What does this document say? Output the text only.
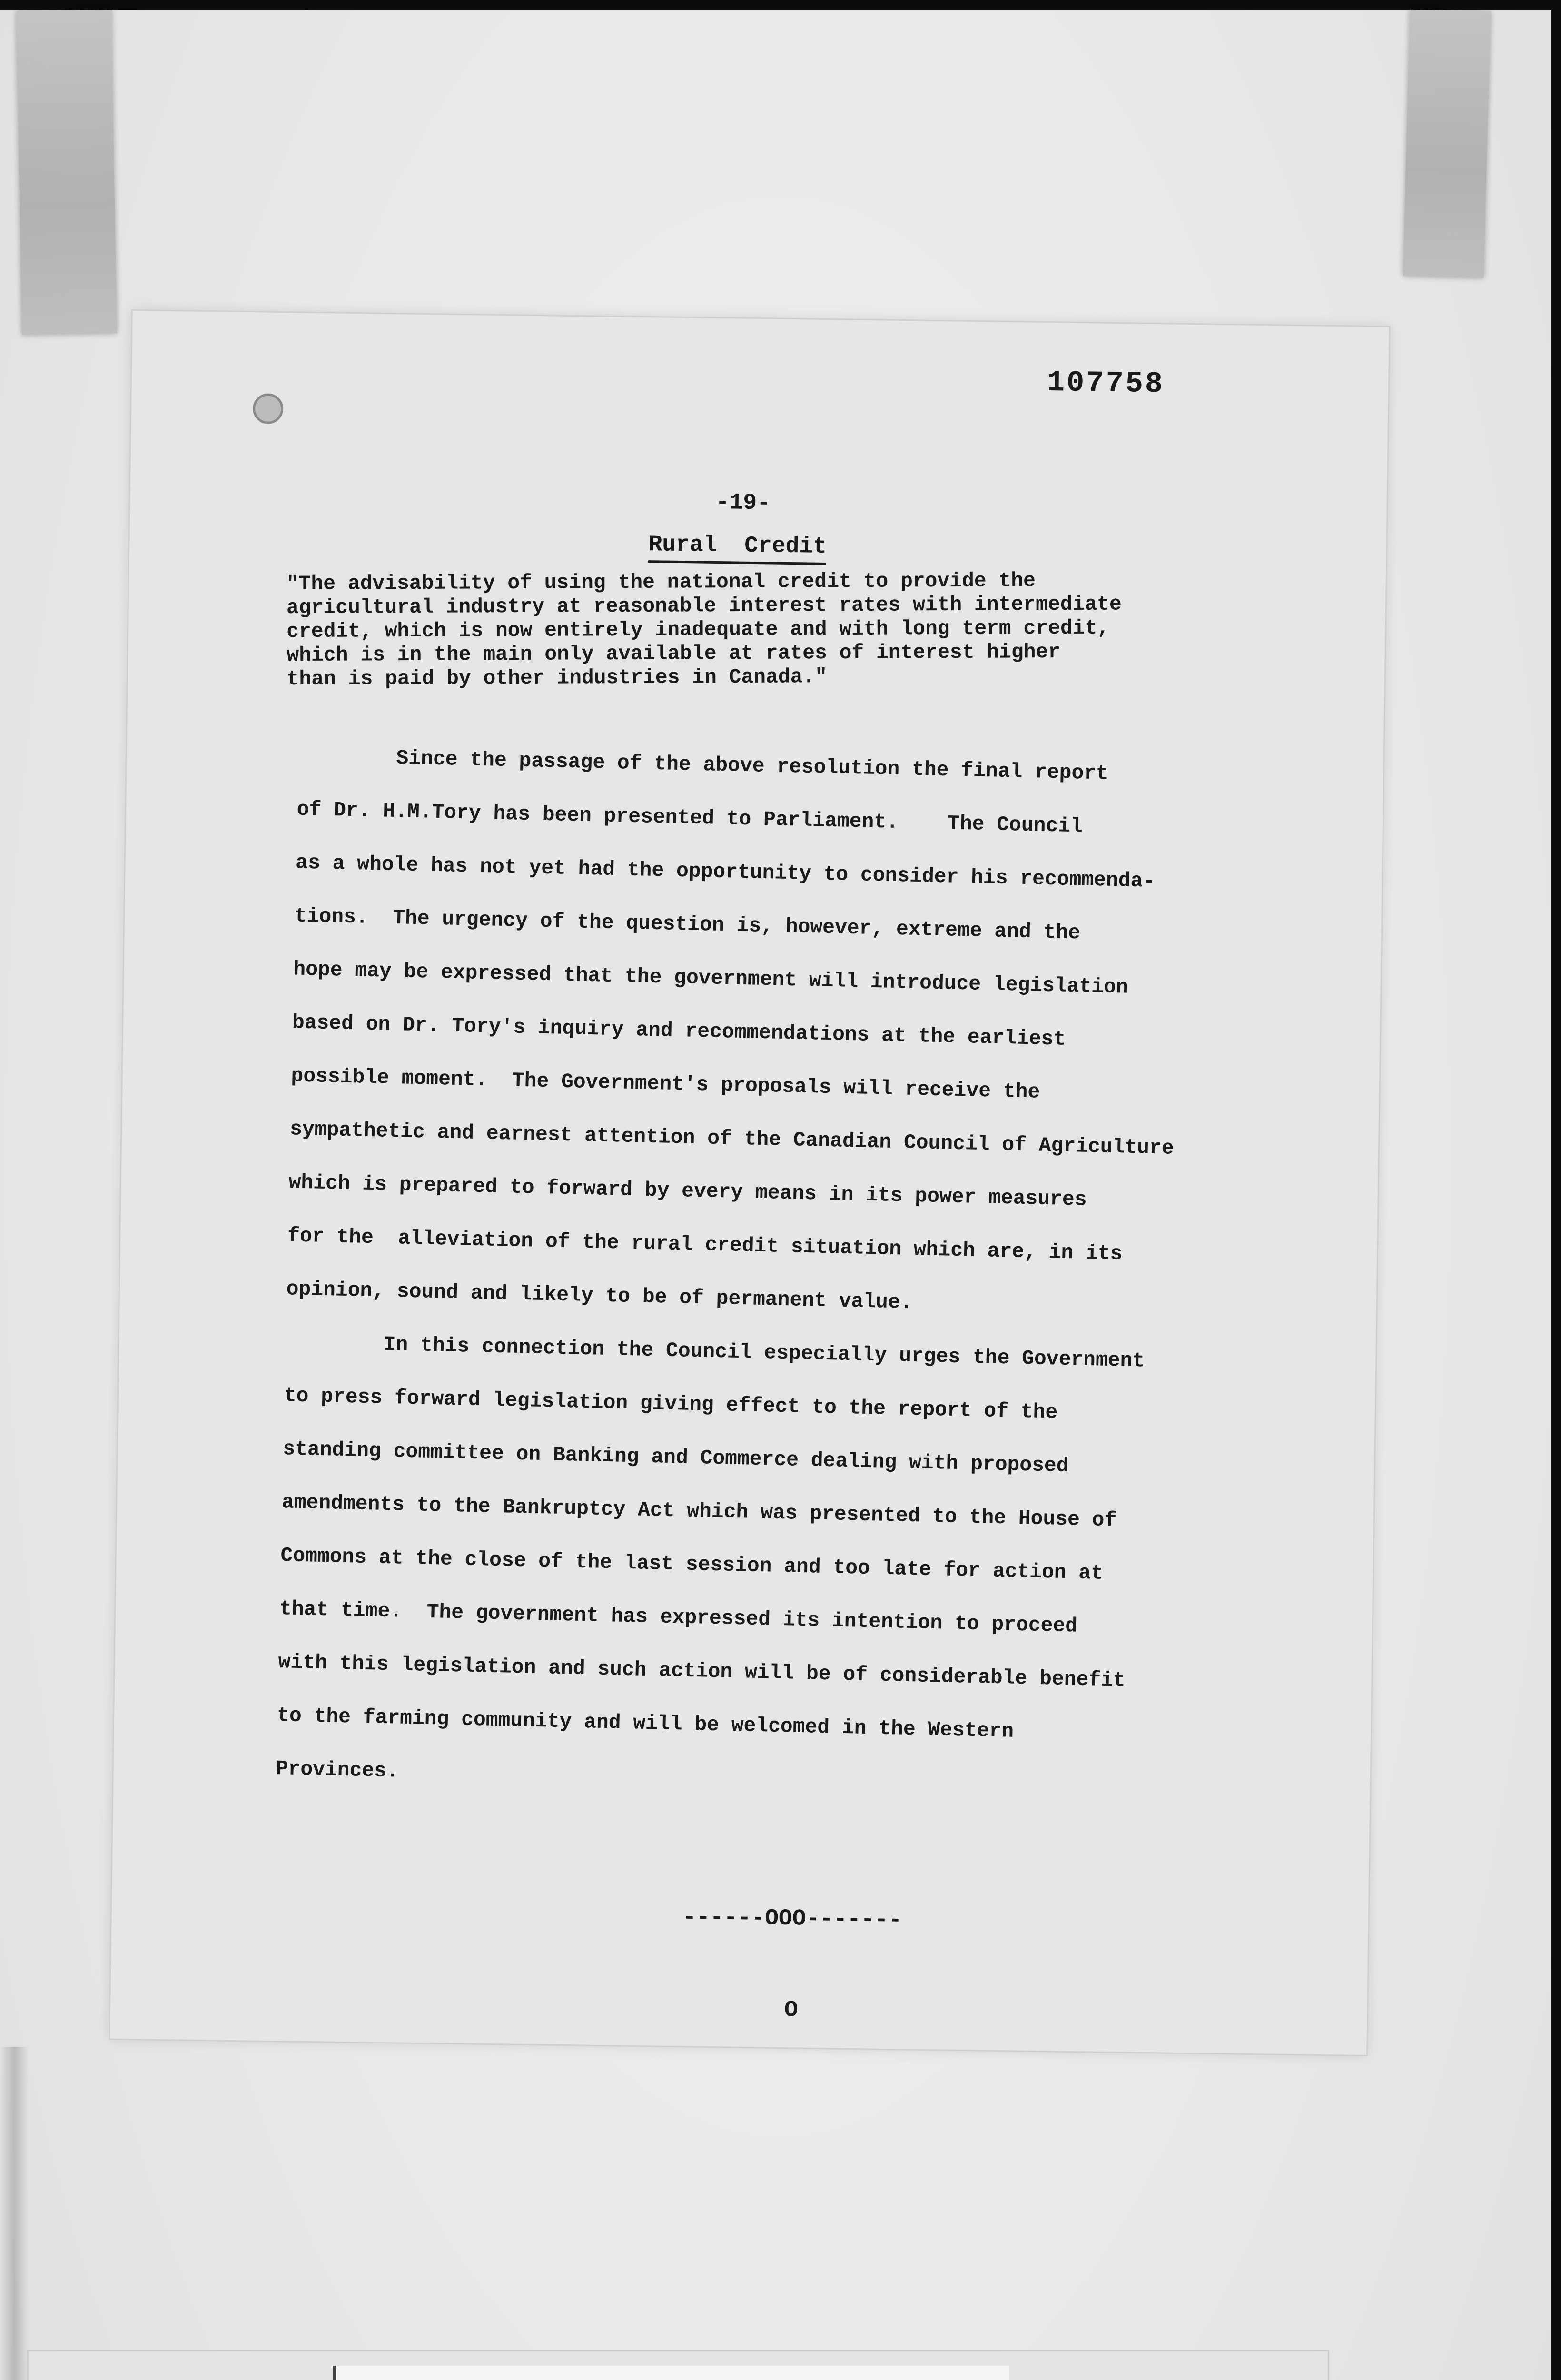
107758
-19-
Rural  Credit
"The advisability of using the national credit to provide the
agricultural industry at reasonable interest rates with intermediate
credit, which is now entirely inadequate and with long term credit,
which is in the main only available at rates of interest higher
than is paid by other industries in Canada."
Since the passage of the above resolution the final report
of Dr. H.M.Tory has been presented to Parliament.    The Council
as a whole has not yet had the opportunity to consider his recommenda-
tions.  The urgency of the question is, however, extreme and the
hope may be expressed that the government will introduce legislation
based on Dr. Tory's inquiry and recommendations at the earliest
possible moment.  The Government's proposals will receive the
sympathetic and earnest attention of the Canadian Council of Agriculture
which is prepared to forward by every means in its power measures
for the  alleviation of the rural credit situation which are, in its
opinion, sound and likely to be of permanent value.
In this connection the Council especially urges the Government
to press forward legislation giving effect to the report of the
standing committee on Banking and Commerce dealing with proposed
amendments to the Bankruptcy Act which was presented to the House of
Commons at the close of the last session and too late for action at
that time.  The government has expressed its intention to proceed
with this legislation and such action will be of considerable benefit
to the farming community and will be welcomed in the Western
Provinces.

------OOO-------

O
